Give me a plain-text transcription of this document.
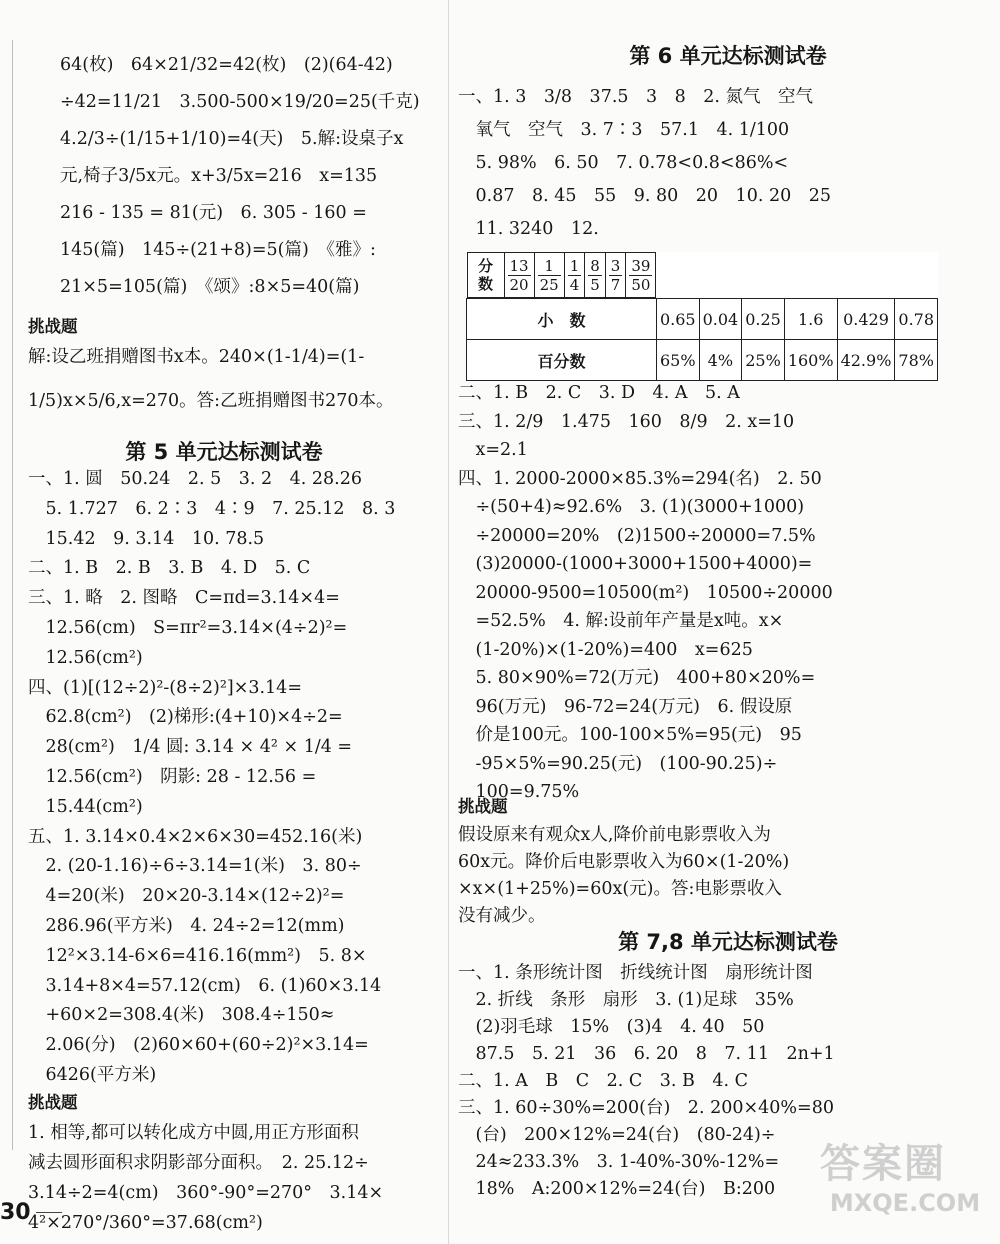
64(枚)　64×21/32=42(枚)　(2)(64-42)
÷42=11/21　3.500-500×19/20=25(千克)
4.2/3÷(1/15+1/10)=4(天)　5.解:设桌子x
元,椅子3/5x元。x+3/5x=216　x=135
216 - 135 = 81(元)　6. 305 - 160 =
145(篇)　145÷(21+8)=5(篇)　《雅》:
21×5=105(篇)　《颂》:8×5=40(篇)
挑战题
解:设乙班捐赠图书x本。240×(1-1/4)=(1-
1/5)x×5/6,x=270。答:乙班捐赠图书270本。
第 5 单元达标测试卷
一、1. 圆　50.24　2. 5　3. 2　4. 28.26
　5. 1.727　6. 2∶3　4∶9　7. 25.12　8. 3
　15.42　9. 3.14　10. 78.5
二、1. B　2. B　3. B　4. D　5. C
三、1. 略　2. 图略　C=πd=3.14×4=
　12.56(cm)　S=πr²=3.14×(4÷2)²=
　12.56(cm²)
四、(1)[(12÷2)²-(8÷2)²]×3.14=
　62.8(cm²)　(2)梯形:(4+10)×4÷2=
　28(cm²)　1/4 圆: 3.14 × 4² × 1/4 =
　12.56(cm²)　阴影: 28 - 12.56 =
　15.44(cm²)
五、1. 3.14×0.4×2×6×30=452.16(米)
　2. (20-1.16)÷6÷3.14=1(米)　3. 80÷
　4=20(米)　20×20-3.14×(12÷2)²=
　286.96(平方米)　4. 24÷2=12(mm)
　12²×3.14-6×6=416.16(mm²)　5. 8×
　3.14+8×4=57.12(cm)　6. (1)60×3.14
　+60×2=308.4(米)　308.4÷150≈
　2.06(分)　(2)60×60+(60÷2)²×3.14=
　6426(平方米)
挑战题
1. 相等,都可以转化成方中圆,用正方形面积
减去圆形面积求阴影部分面积。　2. 25.12÷
3.14÷2=4(cm)　360°-90°=270°　3.14×
4²×270°/360°=37.68(cm²)
第 6 单元达标测试卷
一、1. 3　3/8　37.5　3　8　2. 氮气　空气
　氧气　空气　3. 7∶3　57.1　4. 1/100
　5. 98%　6. 50　7. 0.78<0.8<86%<
　0.87　8. 45　55　9. 80　20　10. 20　25
　11. 3240　12.
二、1. B　2. C　3. D　4. A　5. A
三、1. 2/9　1.475　160　8/9　2. x=10
　x=2.1
四、1. 2000-2000×85.3%=294(名)　2. 50
　÷(50+4)≈92.6%　3. (1)(3000+1000)
　÷20000=20%　(2)1500÷20000=7.5%
　(3)20000-(1000+3000+1500+4000)=
　20000-9500=10500(m²)　10500÷20000
　=52.5%　4. 解:设前年产量是x吨。x×
　(1-20%)×(1-20%)=400　x=625
　5. 80×90%=72(万元)　400+80×20%=
　96(万元)　96-72=24(万元)　6. 假设原
　价是100元。100-100×5%=95(元)　95
　-95×5%=90.25(元)　(100-90.25)÷
　100=9.75%
挑战题
假设原来有观众x人,降价前电影票收入为
60x元。降价后电影票收入为60×(1-20%)
×x×(1+25%)=60x(元)。答:电影票收入
没有减少。
第 7,8 单元达标测试卷
一、1. 条形统计图　折线统计图　扇形统计图
　2. 折线　条形　扇形　3. (1)足球　35%
　(2)羽毛球　15%　(3)4　4. 40　50
　87.5　5. 21　36　6. 20　8　7. 11　2n+1
二、1. A　B　C　2. C　3. B　4. C
三、1. 60÷30%=200(台)　2. 200×40%=80
　(台)　200×12%=24(台)　(80-24)÷
　24≈233.3%　3. 1-40%-30%-12%=
　18%　A:200×12%=24(台)　B:200
分　数	$\frac{13}{20}$	$\frac{1}{25}$	$\frac{1}{4}$	$\frac{8}{5}$	$\frac{3}{7}$	$\frac{39}{50}$
小　数	0.65	0.04	0.25	1.6	0.429	0.78
百分数	65%	4%	25%	160%	42.9%	78%
30
答案圈
MXQE.COM
